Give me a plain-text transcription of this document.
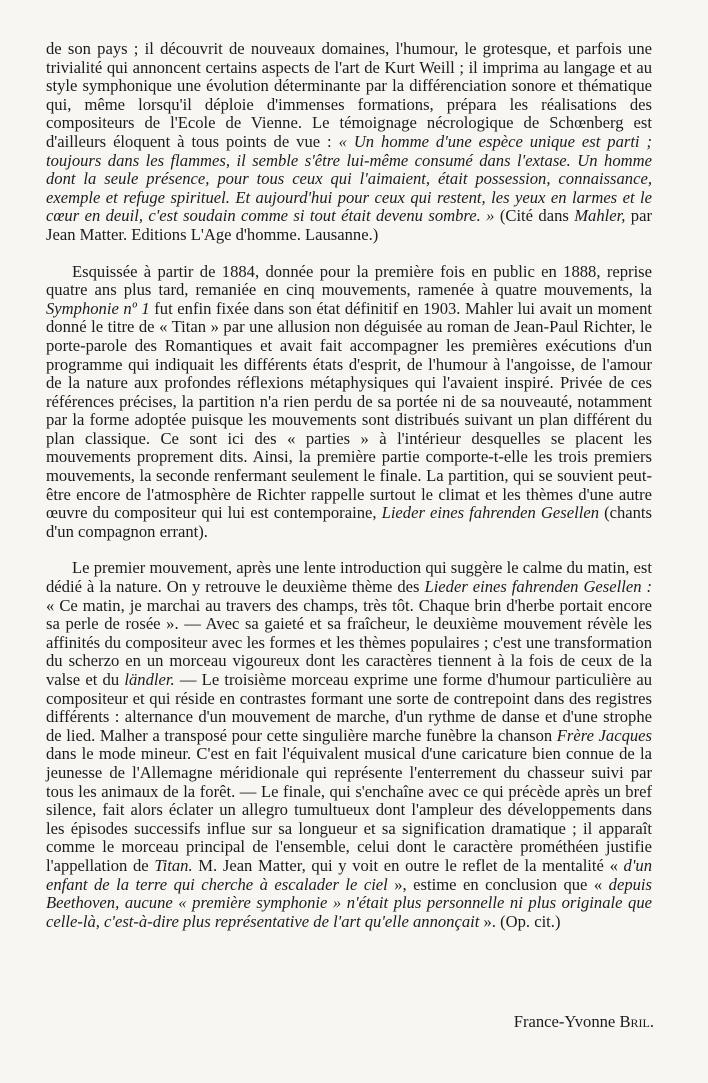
de son pays ; il découvrit de nouveaux domaines, l'humour, le grotesque, et parfois une trivialité qui annoncent certains aspects de l'art de Kurt Weill ; il imprima au langage et au style symphonique une évolution déterminante par la différenciation sonore et thématique qui, même lorsqu'il déploie d'immenses formations, prépara les réalisations des compositeurs de l'Ecole de Vienne. Le témoignage nécrologique de Schœnberg est d'ailleurs éloquent à tous points de vue : « Un homme d'une espèce unique est parti ; toujours dans les flammes, il semble s'être lui-même consumé dans l'extase. Un homme dont la seule présence, pour tous ceux qui l'aimaient, était possession, connaissance, exemple et refuge spirituel. Et aujourd'hui pour ceux qui restent, les yeux en larmes et le cœur en deuil, c'est soudain comme si tout était devenu sombre. » (Cité dans Mahler, par Jean Matter. Editions L'Age d'homme. Lausanne.)

Esquissée à partir de 1884, donnée pour la première fois en public en 1888, reprise quatre ans plus tard, remaniée en cinq mouvements, ramenée à quatre mouvements, la Symphonie nº 1 fut enfin fixée dans son état définitif en 1903. Mahler lui avait un moment donné le titre de « Titan » par une allusion non déguisée au roman de Jean-Paul Richter, le porte-parole des Romantiques et avait fait accompagner les premières exécutions d'un programme qui indiquait les différents états d'esprit, de l'humour à l'angoisse, de l'amour de la nature aux profondes réflexions métaphysiques qui l'avaient inspiré. Privée de ces références précises, la partition n'a rien perdu de sa portée ni de sa nouveauté, notamment par la forme adoptée puisque les mouvements sont distribués suivant un plan différent du plan classique. Ce sont ici des « parties » à l'intérieur desquelles se placent les mouvements proprement dits. Ainsi, la première partie comporte-t-elle les trois premiers mouvements, la seconde renfermant seulement le finale. La partition, qui se souvient peut-être encore de l'atmosphère de Richter rappelle surtout le climat et les thèmes d'une autre œuvre du compositeur qui lui est contemporaine, Lieder eines fahrenden Gesellen (chants d'un compagnon errant).

Le premier mouvement, après une lente introduction qui suggère le calme du matin, est dédié à la nature. On y retrouve le deuxième thème des Lieder eines fahrenden Gesellen : « Ce matin, je marchai au travers des champs, très tôt. Chaque brin d'herbe portait encore sa perle de rosée ». — Avec sa gaieté et sa fraîcheur, le deuxième mouvement révèle les affinités du compositeur avec les formes et les thèmes populaires ; c'est une transformation du scherzo en un morceau vigoureux dont les caractères tiennent à la fois de ceux de la valse et du ländler. — Le troisième morceau exprime une forme d'humour particulière au compositeur et qui réside en contrastes formant une sorte de contrepoint dans des registres différents : alternance d'un mouvement de marche, d'un rythme de danse et d'une strophe de lied. Malher a transposé pour cette singulière marche funèbre la chanson Frère Jacques dans le mode mineur. C'est en fait l'équivalent musical d'une caricature bien connue de la jeunesse de l'Allemagne méridionale qui représente l'enterrement du chasseur suivi par tous les animaux de la forêt. — Le finale, qui s'enchaîne avec ce qui précède après un bref silence, fait alors éclater un allegro tumultueux dont l'ampleur des développements dans les épisodes successifs influe sur sa longueur et sa signification dramatique ; il apparaît comme le morceau principal de l'ensemble, celui dont le caractère prométhéen justifie l'appellation de Titan. M. Jean Matter, qui y voit en outre le reflet de la mentalité « d'un enfant de la terre qui cherche à escalader le ciel », estime en conclusion que « depuis Beethoven, aucune « première symphonie » n'était plus personnelle ni plus originale que celle-là, c'est-à-dire plus représentative de l'art qu'elle annonçait ». (Op. cit.)

France-Yvonne Bril.
